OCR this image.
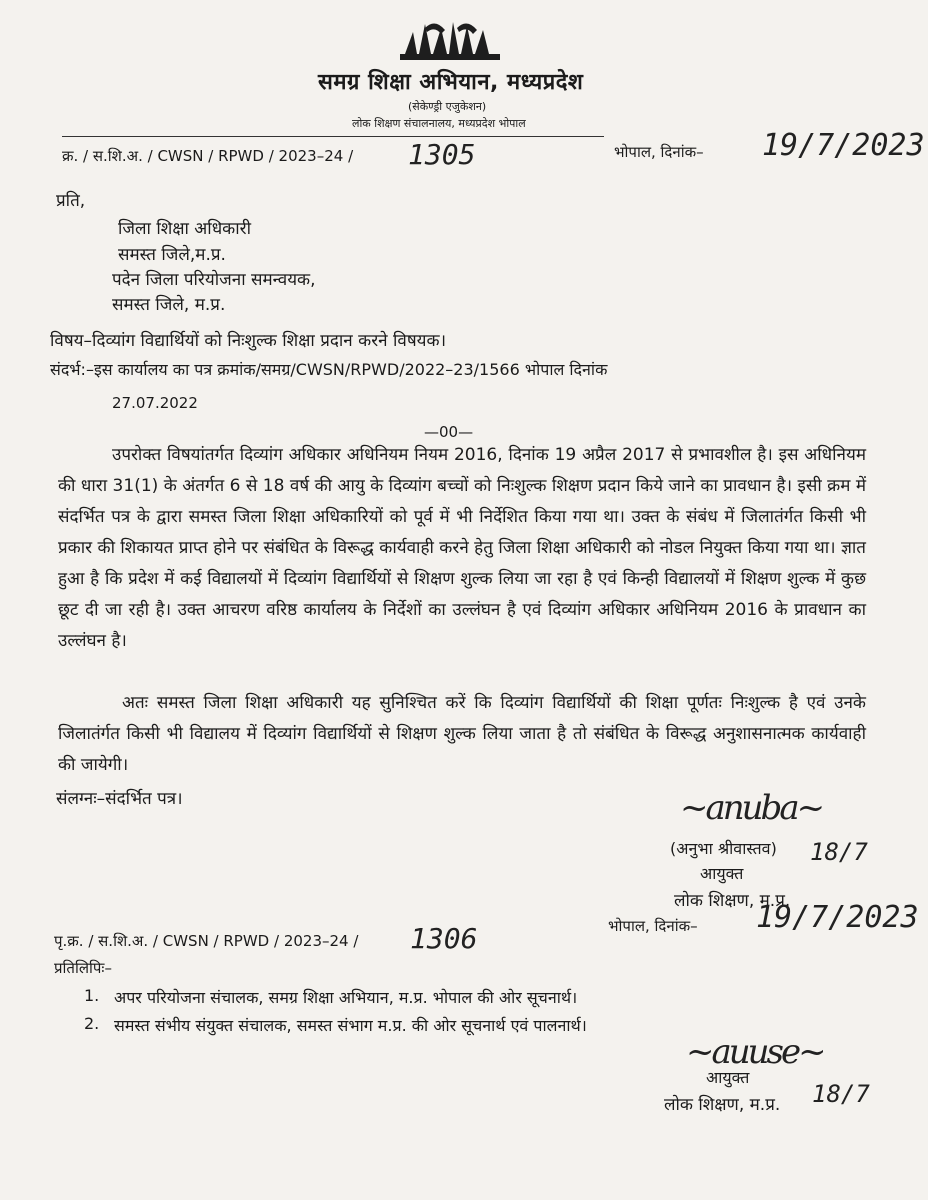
समग्र शिक्षा अभियान, मध्यप्रदेश
(सेकेण्ड्री एजुकेशन)
लोक शिक्षण संचालनालय, मध्यप्रदेश भोपाल
क्र. / स.शि.अ. / CWSN / RPWD / 2023–24 / 1305	भोपाल, दिनांक– 19/7/2023
प्रति,
जिला शिक्षा अधिकारी
समस्त जिले,म.प्र.
पदेन जिला परियोजना समन्वयक,
समस्त जिले, म.प्र.
विषय–दिव्यांग विद्यार्थियों को निःशुल्क शिक्षा प्रदान करने विषयक।
संदर्भ:–इस कार्यालय का पत्र क्रमांक/समग्र/CWSN/RPWD/2022–23/1566 भोपाल दिनांक
27.07.2022
—00—
उपरोक्त विषयांतर्गत दिव्यांग अधिकार अधिनियम नियम 2016, दिनांक 19 अप्रैल 2017 से प्रभावशील है। इस अधिनियम की धारा 31(1) के अंतर्गत 6 से 18 वर्ष की आयु के दिव्यांग बच्चों को निःशुल्क शिक्षण प्रदान किये जाने का प्रावधान है। इसी क्रम में संदर्भित पत्र के द्वारा समस्त जिला शिक्षा अधिकारियों को पूर्व में भी निर्देशित किया गया था। उक्त के संबंध में जिलातंर्गत किसी भी प्रकार की शिकायत प्राप्त होने पर संबंधित के विरूद्ध कार्यवाही करने हेतु जिला शिक्षा अधिकारी को नोडल नियुक्त किया गया था। ज्ञात हुआ है कि प्रदेश में कई विद्यालयों में दिव्यांग विद्यार्थियों से शिक्षण शुल्क लिया जा रहा है एवं किन्ही विद्यालयों में शिक्षण शुल्क में कुछ छूट दी जा रही है। उक्त आचरण वरिष्ठ कार्यालय के निर्देशों का उल्लंघन है एवं दिव्यांग अधिकार अधिनियम 2016 के प्रावधान का उल्लंघन है।
अतः समस्त जिला शिक्षा अधिकारी यह सुनिश्चित करें कि दिव्यांग विद्यार्थियों की शिक्षा पूर्णतः निःशुल्क है एवं उनके जिलातंर्गत किसी भी विद्यालय में दिव्यांग विद्यार्थियों से शिक्षण शुल्क लिया जाता है तो संबंधित के विरूद्ध अनुशासनात्मक कार्यवाही की जायेगी।
संलग्नः–संदर्भित पत्र।	~anuba~
(अनुभा श्रीवास्तव) 18/7
आयुक्त
लोक शिक्षण, म.प्र.
भोपाल, दिनांक– 19/7/2023
पृ.क्र. / स.शि.अ. / CWSN / RPWD / 2023–24 / 1306
प्रतिलिपिः–
1. अपर परियोजना संचालक, समग्र शिक्षा अभियान, म.प्र. भोपाल की ओर सूचनार्थ।
2. समस्त संभीय संयुक्त संचालक, समस्त संभाग म.प्र. की ओर सूचनार्थ एवं पालनार्थ।
~auuse~
आयुक्त
लोक शिक्षण, म.प्र. 18/7
